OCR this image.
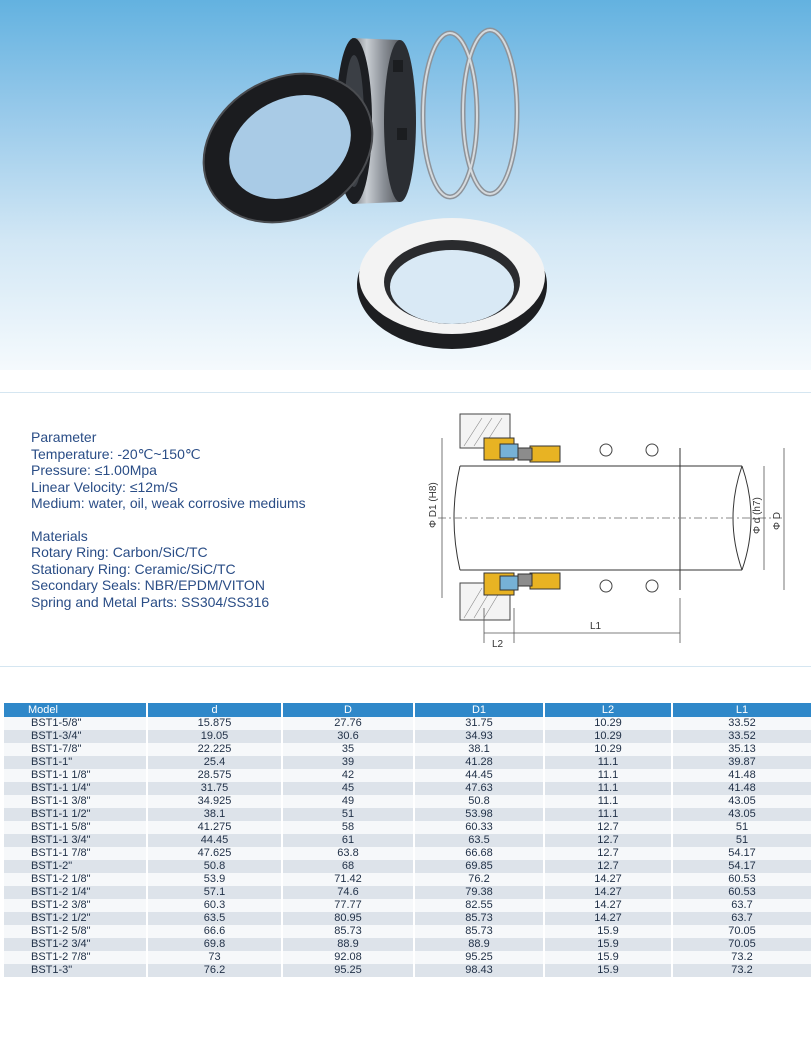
Parameter
Temperature: -20℃~150℃
Pressure: ≤1.00Mpa
Linear Velocity: ≤12m/S
Medium: water, oil, weak corrosive mediums
Materials
Rotary Ring: Carbon/SiC/TC
Stationary Ring: Ceramic/SiC/TC
Secondary Seals: NBR/EPDM/VITON
Spring and Metal Parts: SS304/SS316
Φ D1 (H8)	Φ d (h7) Φ D
L2
L1
Model	d	D	D1	L2	L1
BST1-5/8"	15.875	27.76	31.75	10.29	33.52
BST1-3/4"	19.05	30.6	34.93	10.29	33.52
BST1-7/8"	22.225	35	38.1	10.29	35.13
BST1-1"	25.4	39	41.28	11.1	39.87
BST1-1 1/8"	28.575	42	44.45	11.1	41.48
BST1-1 1/4"	31.75	45	47.63	11.1	41.48
BST1-1 3/8"	34.925	49	50.8	11.1	43.05
BST1-1 1/2"	38.1	51	53.98	11.1	43.05
BST1-1 5/8"	41.275	58	60.33	12.7	51
BST1-1 3/4"	44.45	61	63.5	12.7	51
BST1-1 7/8"	47.625	63.8	66.68	12.7	54.17
BST1-2"	50.8	68	69.85	12.7	54.17
BST1-2 1/8"	53.9	71.42	76.2	14.27	60.53
BST1-2 1/4"	57.1	74.6	79.38	14.27	60.53
BST1-2 3/8"	60.3	77.77	82.55	14.27	63.7
BST1-2 1/2"	63.5	80.95	85.73	14.27	63.7
BST1-2 5/8"	66.6	85.73	85.73	15.9	70.05
BST1-2 3/4"	69.8	88.9	88.9	15.9	70.05
BST1-2 7/8"	73	92.08	95.25	15.9	73.2
BST1-3"	76.2	95.25	98.43	15.9	73.2
